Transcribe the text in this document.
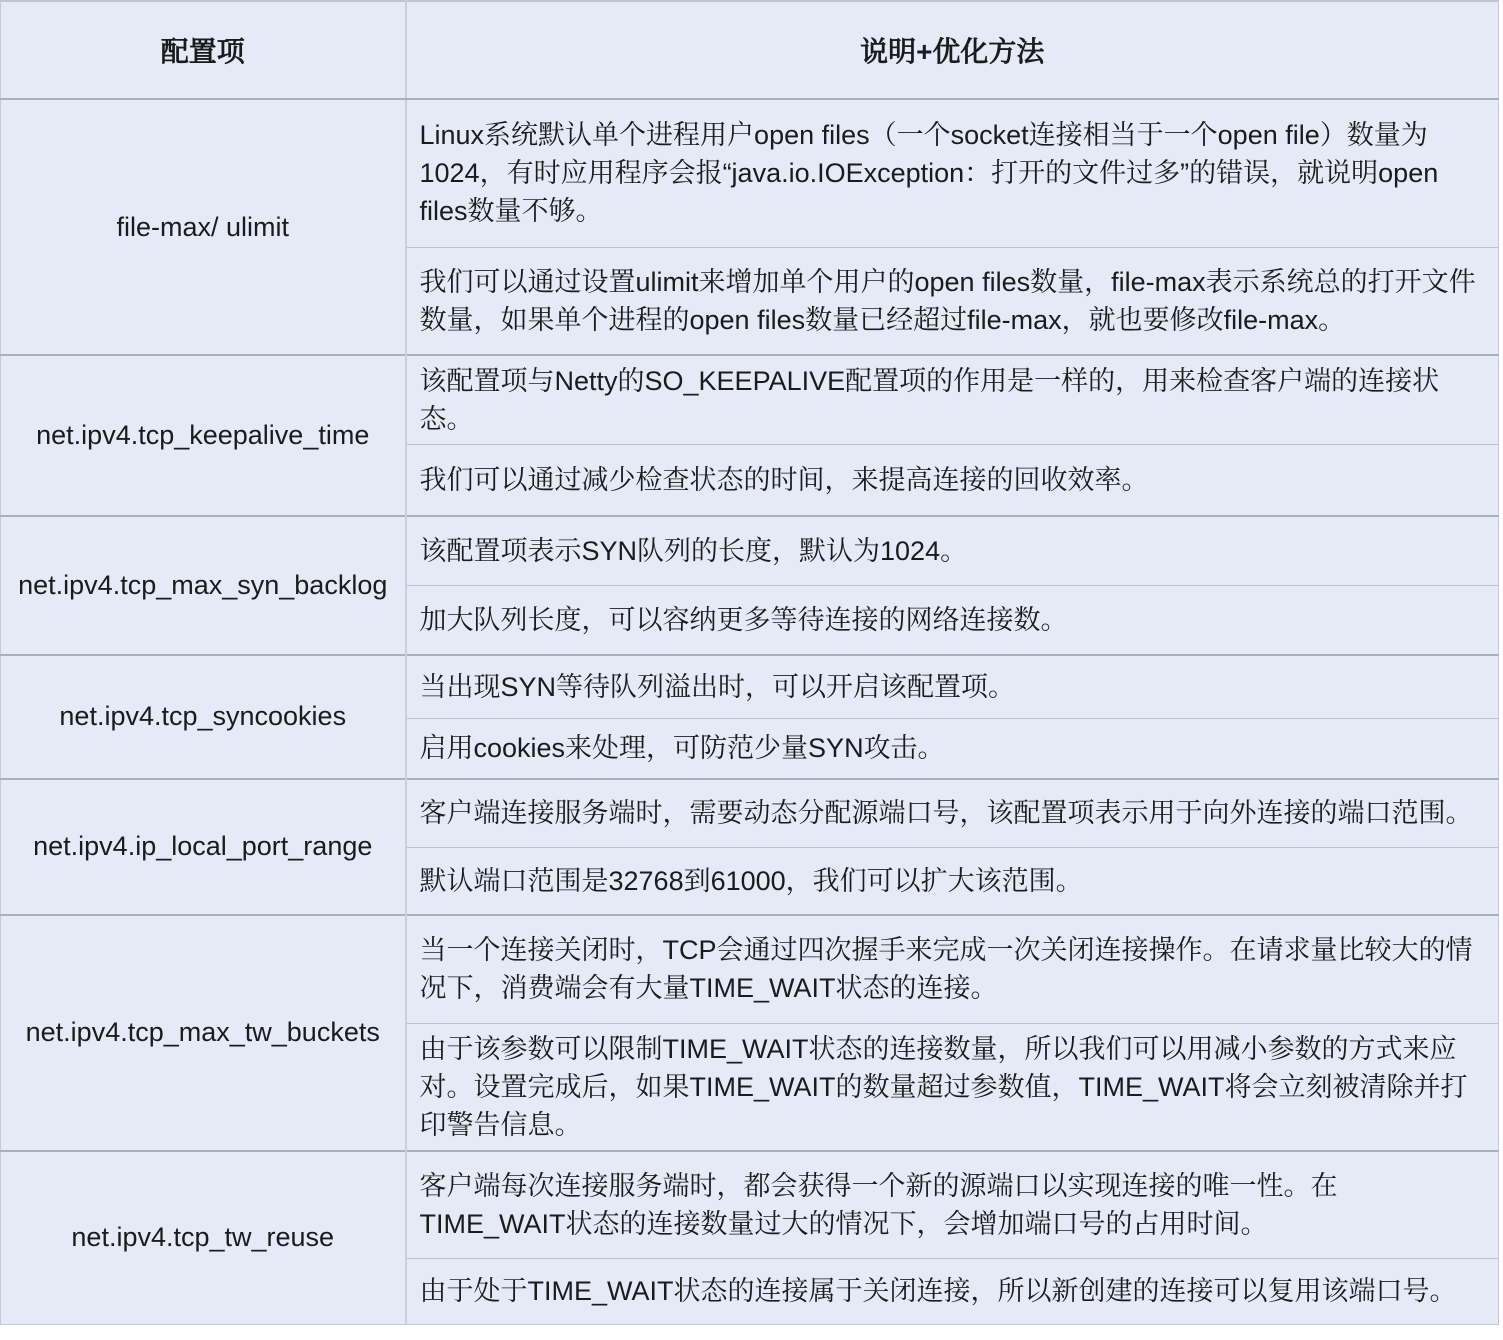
配置项	说明+优化方法
file-max/ ulimit	Linux系统默认单个进程用户open files（一个socket连接相当于一个open file）数量为1024，有时应用程序会报“java.io.IOException：打开的文件过多”的错误，就说明open files数量不够。
	我们可以通过设置ulimit来增加单个用户的open files数量，file-max表示系统总的打开文件数量，如果单个进程的open files数量已经超过file-max，就也要修改file-max。
net.ipv4.tcp_keepalive_time	该配置项与Netty的SO_KEEPALIVE配置项的作用是一样的，用来检查客户端的连接状态。
	我们可以通过减少检查状态的时间，来提高连接的回收效率。
net.ipv4.tcp_max_syn_backlog	该配置项表示SYN队列的长度，默认为1024。
	加大队列长度，可以容纳更多等待连接的网络连接数。
net.ipv4.tcp_syncookies	当出现SYN等待队列溢出时，可以开启该配置项。
	启用cookies来处理，可防范少量SYN攻击。
net.ipv4.ip_local_port_range	客户端连接服务端时，需要动态分配源端口号，该配置项表示用于向外连接的端口范围。
	默认端口范围是32768到61000，我们可以扩大该范围。
net.ipv4.tcp_max_tw_buckets	当一个连接关闭时，TCP会通过四次握手来完成一次关闭连接操作。在请求量比较大的情况下，消费端会有大量TIME_WAIT状态的连接。
	由于该参数可以限制TIME_WAIT状态的连接数量，所以我们可以用减小参数的方式来应对。设置完成后，如果TIME_WAIT的数量超过参数值，TIME_WAIT将会立刻被清除并打印警告信息。
net.ipv4.tcp_tw_reuse	客户端每次连接服务端时，都会获得一个新的源端口以实现连接的唯一性。在TIME_WAIT状态的连接数量过大的情况下，会增加端口号的占用时间。
	由于处于TIME_WAIT状态的连接属于关闭连接，所以新创建的连接可以复用该端口号。
